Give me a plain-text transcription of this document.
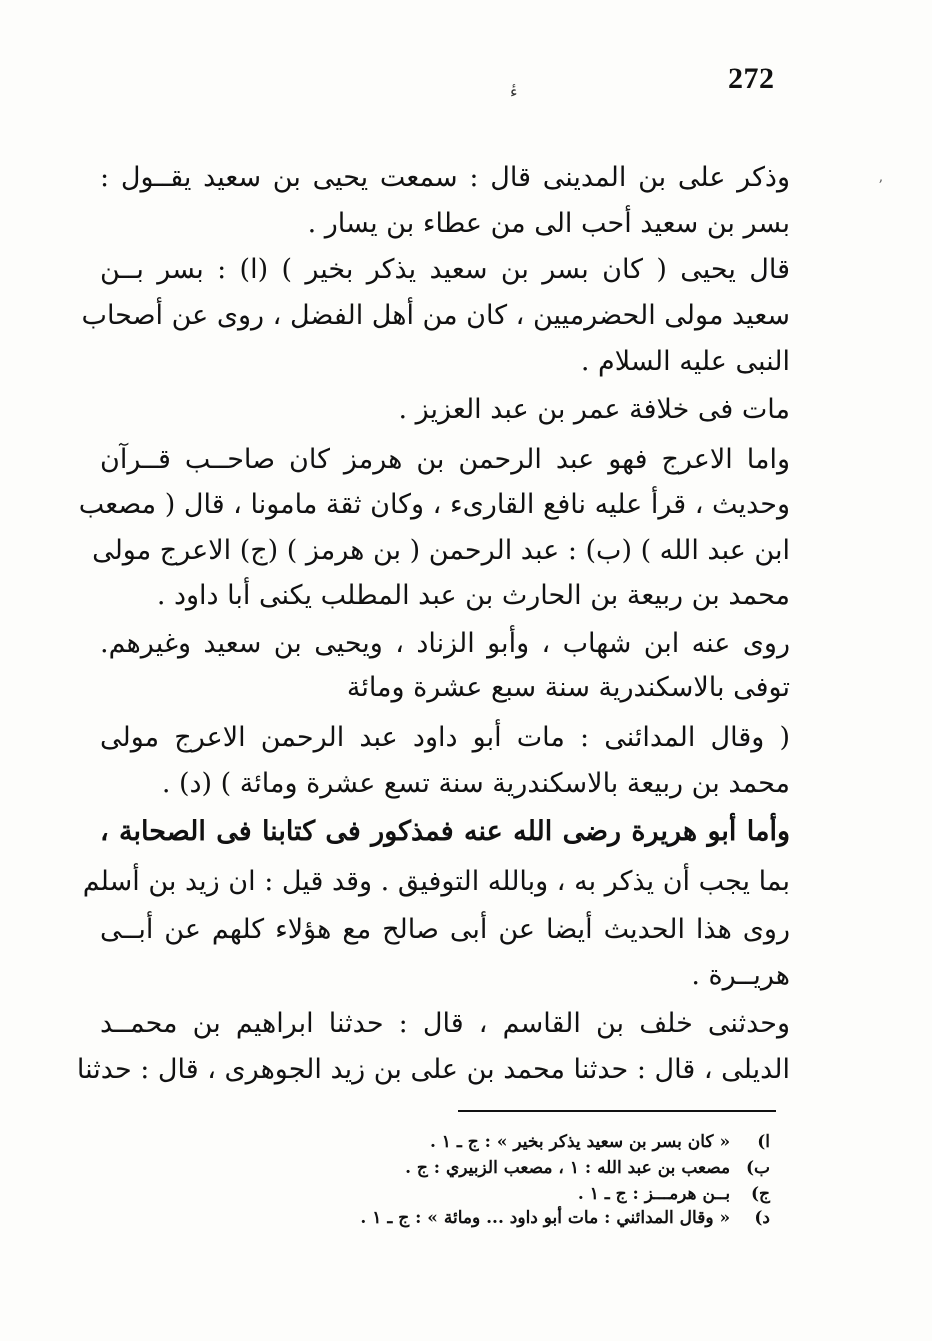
272
ءٔ
ʼ
وذكر على بن المدينى قال : سمعت يحيى بن سعيد يقــول :
بسر بن سعيد أحب الى من عطاء بن يسار .
قال يحيى ( كان بسر بن سعيد يذكر بخير ) (ا) : بسر بــن
سعيد مولى الحضرميين ، كان من أهل الفضل ، روى عن أصحاب
النبى عليه السلام .
مات فى خلافة عمر بن عبد العزيز .
واما الاعرج فهو عبد الرحمن بن هرمز كان صاحــب قــرآن
وحديث ، قرأ عليه نافع القارىء ، وكان ثقة مامونا ، قال ( مصعب
ابن عبد الله ) (ب) : عبد الرحمن ( بن هرمز ) (ج) الاعرج مولى
محمد بن ربيعة بن الحارث بن عبد المطلب يكنى أبا داود .
روى عنه ابن شهاب ، وأبو الزناد ، ويحيى بن سعيد وغيرهم.
توفى بالاسكندرية سنة سبع عشرة ومائة
( وقال المدائنى : مات أبو داود عبد الرحمن الاعرج مولى
محمد بن ربيعة بالاسكندرية سنة تسع عشرة ومائة ) (د) .
وأما أبو هريرة رضى الله عنه فمذكور فى كتابنا فى الصحابة ،
بما يجب أن يذكر به ، وبالله التوفيق . وقد قيل : ان زيد بن أسلم
روى هذا الحديث أيضا عن أبى صالح مع هؤلاء كلهم عن أبــى
هريــرة .
وحدثنى خلف بن القاسم ، قال : حدثنا ابراهيم بن محمــد
الديلى ، قال : حدثنا محمد بن على بن زيد الجوهرى ، قال : حدثنا
ا) « كان بسر بن سعيد يذكر بخير » : ج ـ ١ .
ب) مصعب بن عبد الله : ١ ، مصعب الزبيري : ج .
ج) بــن هرمـــز : ج ـ ١ .
د) « وقال المدائني : مات أبو داود ... ومائة » : ج ـ ١ .
